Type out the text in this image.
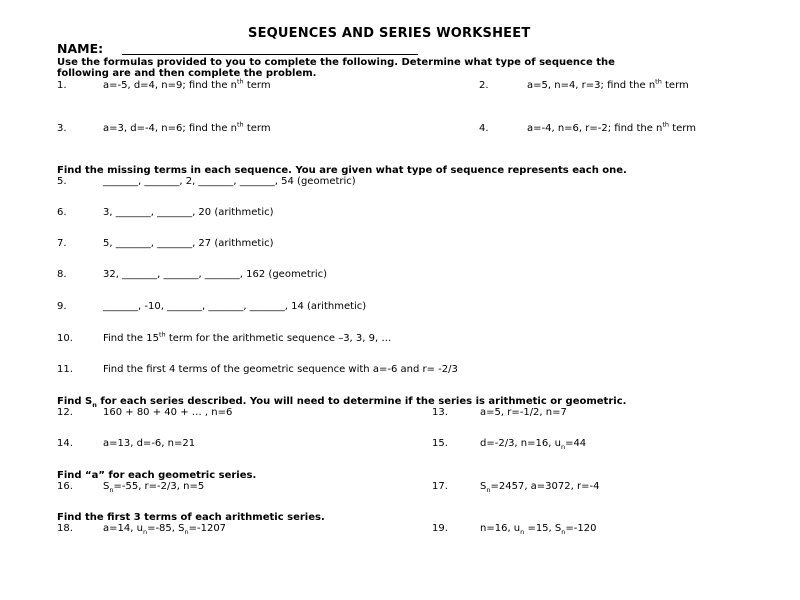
SEQUENCES AND SERIES WORKSHEET
NAME:
Use the formulas provided to you to complete the following. Determine what type of sequence the
following are and then complete the problem.
1.	a=-5, d=4, n=9; find the $n^{th}$ term	2.	a=5, n=4, r=3; find the $n^{th}$ term
3.	a=3, d=-4, n=6; find the $n^{th}$ term	4.	a=-4, n=6, r=-2; find the $n^{th}$ term
Find the missing terms in each sequence. You are given what type of sequence represents each one.
5.	_______, _______, 2, _______, _______, 54 (geometric)
6.	3, _______, _______, 20 (arithmetic)
7.	5, _______, _______, 27 (arithmetic)
8.	32, _______, _______, _______, 162 (geometric)
9.	_______, -10, _______, _______, _______, 14 (arithmetic)
10.	Find the 15th term for the arithmetic sequence –3, 3, 9, …
11.	Find the first 4 terms of the geometric sequence with a=-6 and r= -2/3
Find $S_n$ for each series described. You will need to determine if the series is arithmetic or geometric.
12.	160 + 80 + 40 + … , n=6	13.	a=5, r=-1/2, n=7
14.	a=13, d=-6, n=21	15.	d=-2/3, n=16, $u_n=44$
Find “a” for each geometric series.
16.	$S_n=-55$, r=-2/3, n=5	17.	$S_n=2457$, a=3072, r=-4
Find the first 3 terms of each arithmetic series.
18.	a=14, $u_n=-85$, $S_n=-1207$	19.	n=16, $u_n =15$, $S_n=-120$
